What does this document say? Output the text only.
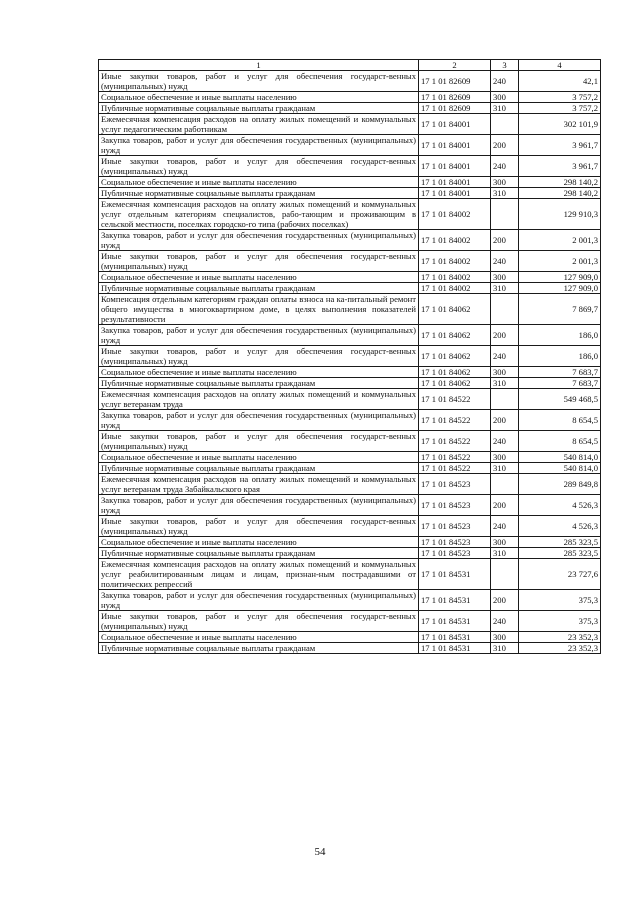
1	2	3	4
Иные закупки товаров, работ и услуг для обеспечения государст-венных (муниципальных) нужд	17 1 01 82609	240	42,1
Социальное обеспечение и иные выплаты населению	17 1 01 82609	300	3 757,2
Публичные нормативные социальные выплаты гражданам	17 1 01 82609	310	3 757,2
Ежемесячная компенсация расходов на оплату жилых помещений и коммунальных услуг педагогическим работникам	17 1 01 84001		302 101,9
Закупка товаров, работ и услуг для обеспечения государственных (муниципальных) нужд	17 1 01 84001	200	3 961,7
Иные закупки товаров, работ и услуг для обеспечения государст-венных (муниципальных) нужд	17 1 01 84001	240	3 961,7
Социальное обеспечение и иные выплаты населению	17 1 01 84001	300	298 140,2
Публичные нормативные социальные выплаты гражданам	17 1 01 84001	310	298 140,2
Ежемесячная компенсация расходов на оплату жилых помещений и коммунальных услуг отдельным категориям специалистов, рабо-тающим и проживающим в сельской местности, поселках городско-го типа (рабочих поселках)	17 1 01 84002		129 910,3
Закупка товаров, работ и услуг для обеспечения государственных (муниципальных) нужд	17 1 01 84002	200	2 001,3
Иные закупки товаров, работ и услуг для обеспечения государст-венных (муниципальных) нужд	17 1 01 84002	240	2 001,3
Социальное обеспечение и иные выплаты населению	17 1 01 84002	300	127 909,0
Публичные нормативные социальные выплаты гражданам	17 1 01 84002	310	127 909,0
Компенсация отдельным категориям граждан оплаты взноса на ка-питальный ремонт общего имущества в многоквартирном доме, в целях выполнения показателей результативности	17 1 01 84062		7 869,7
Закупка товаров, работ и услуг для обеспечения государственных (муниципальных) нужд	17 1 01 84062	200	186,0
Иные закупки товаров, работ и услуг для обеспечения государст-венных (муниципальных) нужд	17 1 01 84062	240	186,0
Социальное обеспечение и иные выплаты населению	17 1 01 84062	300	7 683,7
Публичные нормативные социальные выплаты гражданам	17 1 01 84062	310	7 683,7
Ежемесячная компенсация расходов на оплату жилых помещений и коммунальных услуг ветеранам труда	17 1 01 84522		549 468,5
Закупка товаров, работ и услуг для обеспечения государственных (муниципальных) нужд	17 1 01 84522	200	8 654,5
Иные закупки товаров, работ и услуг для обеспечения государст-венных (муниципальных) нужд	17 1 01 84522	240	8 654,5
Социальное обеспечение и иные выплаты населению	17 1 01 84522	300	540 814,0
Публичные нормативные социальные выплаты гражданам	17 1 01 84522	310	540 814,0
Ежемесячная компенсация расходов на оплату жилых помещений и коммунальных услуг ветеранам труда Забайкальского края	17 1 01 84523		289 849,8
Закупка товаров, работ и услуг для обеспечения государственных (муниципальных) нужд	17 1 01 84523	200	4 526,3
Иные закупки товаров, работ и услуг для обеспечения государст-венных (муниципальных) нужд	17 1 01 84523	240	4 526,3
Социальное обеспечение и иные выплаты населению	17 1 01 84523	300	285 323,5
Публичные нормативные социальные выплаты гражданам	17 1 01 84523	310	285 323,5
Ежемесячная компенсация расходов на оплату жилых помещений и коммунальных услуг реабилитированным лицам и лицам, признан-ным пострадавшими от политических репрессий	17 1 01 84531		23 727,6
Закупка товаров, работ и услуг для обеспечения государственных (муниципальных) нужд	17 1 01 84531	200	375,3
Иные закупки товаров, работ и услуг для обеспечения государст-венных (муниципальных) нужд	17 1 01 84531	240	375,3
Социальное обеспечение и иные выплаты населению	17 1 01 84531	300	23 352,3
Публичные нормативные социальные выплаты гражданам	17 1 01 84531	310	23 352,3
54
